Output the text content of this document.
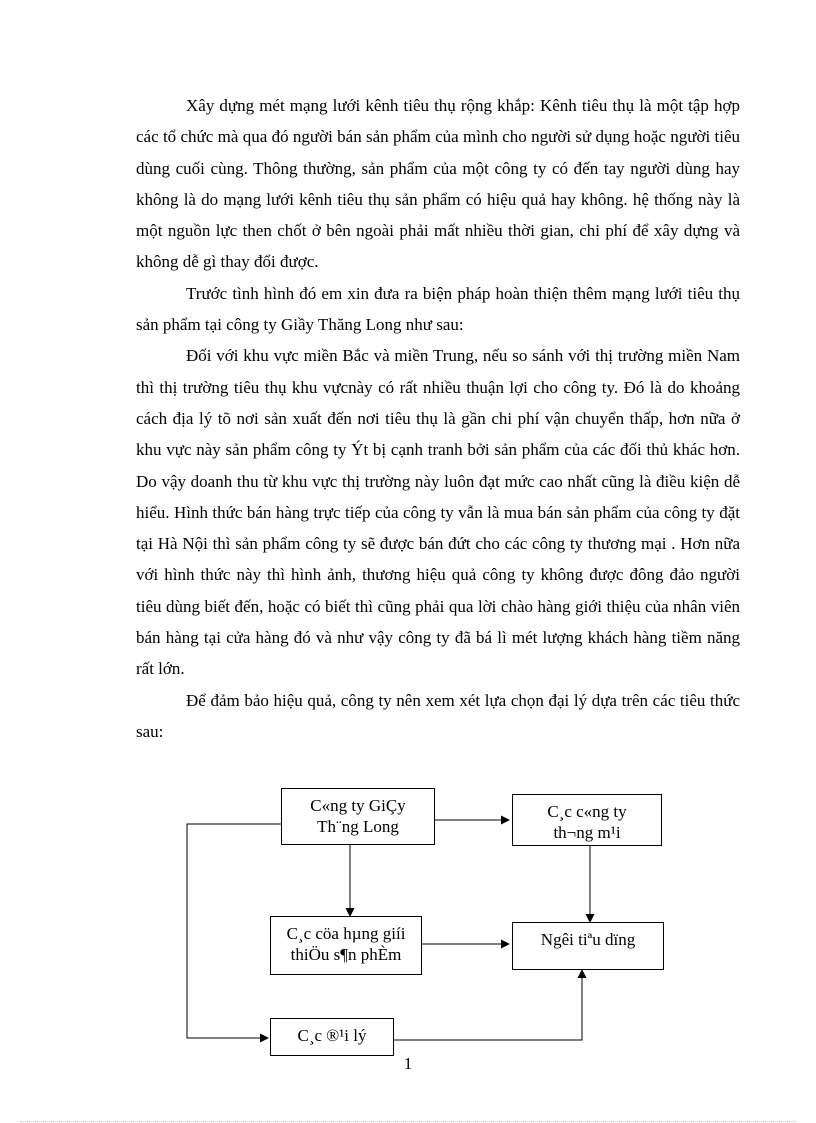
Xây dựng mét mạng lưới kênh tiêu thụ rộng khắp: Kênh tiêu thụ là một tập hợp các tổ chức mà qua đó người bán sản phẩm của mình cho người sử dụng hoặc người tiêu dùng cuối cùng. Thông thường, sản phẩm của một công ty có đến tay người dùng hay không là do mạng lưới kênh tiêu thụ sản phẩm có hiệu quả hay không. hệ thống này là một nguồn lực then chốt ở bên ngoài phải mất nhiều thời gian, chi phí để xây dựng và không dễ gì thay đổi được.

Trước tình hình đó em xin đưa ra biện pháp hoàn thiện thêm mạng lưới tiêu thụ sản phẩm tại công ty Giầy Thăng Long như sau:

Đối với khu vực miền Bắc và miền Trung, nếu so sánh với thị trường miền Nam thì thị trường tiêu thụ khu vựcnày có rất nhiều thuận lợi cho công ty. Đó là do khoảng cách địa lý tõ nơi sản xuất đến nơi tiêu thụ là gần chi phí vận chuyển thấp, hơn nữa ở khu vực này sản phẩm công ty Ýt bị cạnh tranh bởi sản phẩm của các đối thủ khác hơn. Do vậy doanh thu từ khu vực thị trường này luôn đạt mức cao nhất cũng là điều kiện dễ hiểu. Hình thức bán hàng trực tiếp của công ty vẫn là mua bán sản phẩm của công ty đặt tại Hà Nội thì sản phẩm công ty sẽ được bán đứt cho các công ty thương mại . Hơn nữa với hình thức này thì hình ảnh, thương hiệu quả công ty không được đông đảo người tiêu dùng biết đến, hoặc có biết thì cũng phải qua lời chào hàng giới thiệu của nhân viên bán hàng tại cửa hàng đó và như vậy công ty đã bá lì mét lượng khách hàng tiềm năng rất lớn.

Để đảm bảo hiệu quả, công ty nên xem xét lựa chọn đại lý dựa trên các tiêu thức sau:

C«ng ty GiÇy
Th¨ng Long
C¸c c«ng ty
th¬ng m¹i
C¸c cöa hµng giíi
thiÖu s¶n phÈm
Ngêi tiªu dïng
C¸c ®¹i lý
1
